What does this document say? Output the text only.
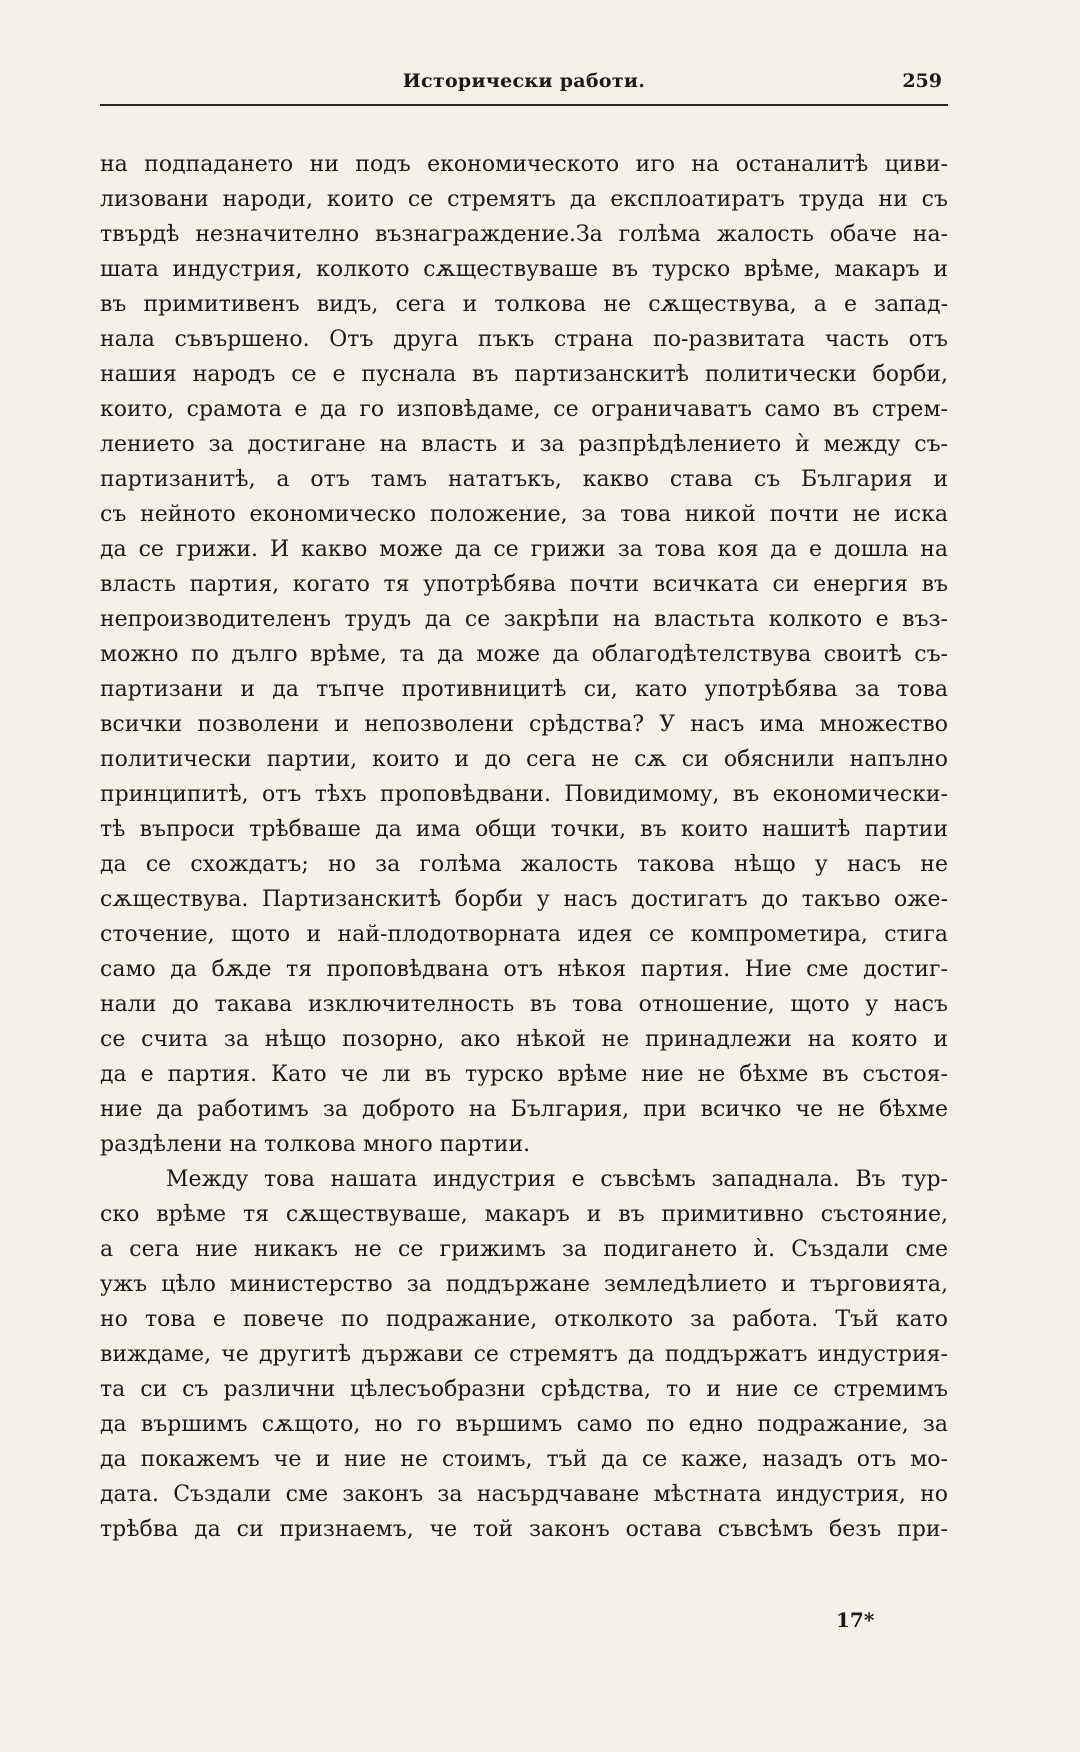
Исторически работи.	259
на подпадането ни подъ економическото иго на останалитѣ циви-
лизовани народи, които се стремятъ да експлоатиратъ труда ни съ
твърдѣ незначително възнаграждение.За голѣма жалость обаче на-
шата индустрия, колкото сѫществуваше въ турско врѣме, макаръ и
въ примитивенъ видъ, сега и толкова не сѫществува, а е запад-
нала съвършено. Отъ друга пъкъ страна по-развитата часть отъ
нашия народъ се е пуснала въ партизанскитѣ политически борби,
които, срамота е да го изповѣдаме, се ограничаватъ само въ стрем-
лението за достигане на власть и за разпрѣдѣлението ѝ между съ-
партизанитѣ, а отъ тамъ нататъкъ, какво става съ България и
съ нейното економическо положение, за това никой почти не иска
да се грижи. И какво може да се грижи за това коя да е дошла на
власть партия, когато тя употрѣбява почти всичката си енергия въ
непроизводителенъ трудъ да се закрѣпи на властьта колкото е въз-
можно по дълго врѣме, та да може да облагодѣтелствува своитѣ съ-
партизани и да тъпче противницитѣ си, като употрѣбява за това
всички позволени и непозволени срѣдства? У насъ има множество
политически партии, които и до сега не сѫ си обяснили напълно
принципитѣ, отъ тѣхъ проповѣдвани. Повидимому, въ економически-
тѣ въпроси трѣбваше да има общи точки, въ които нашитѣ партии
да се схождатъ; но за голѣма жалость такова нѣщо у насъ не
сѫществува. Партизанскитѣ борби у насъ достигатъ до такъво оже-
сточение, щото и най-плодотворната идея се компрометира, стига
само да бѫде тя проповѣдвана отъ нѣкоя партия. Ние сме достиг-
нали до такава изключителность въ това отношение, щото у насъ
се счита за нѣщо позорно, ако нѣкой не принадлежи на която и
да е партия. Като че ли въ турско врѣме ние не бѣхме въ състоя-
ние да работимъ за доброто на България, при всичко че не бѣхме
раздѣлени на толкова много партии.
Между това нашата индустрия е съвсѣмъ западнала. Въ тур-
ско врѣме тя сѫществуваше, макаръ и въ примитивно състояние,
а сега ние никакъ не се грижимъ за подигането ѝ. Създали сме
ужъ цѣло министерство за поддържане земледѣлието и търговията,
но това е повече по подражание, отколкото за работа. Тъй като
виждаме, че другитѣ държави се стремятъ да поддържатъ индустрия-
та си съ различни цѣлесъобразни срѣдства, то и ние се стремимъ
да вършимъ сѫщото, но го вършимъ само по едно подражание, за
да покажемъ че и ние не стоимъ, тъй да се каже, назадъ отъ мо-
дата. Създали сме законъ за насърдчаване мѣстната индустрия, но
трѣбва да си признаемъ, че той законъ остава съвсѣмъ безъ при-
17*
